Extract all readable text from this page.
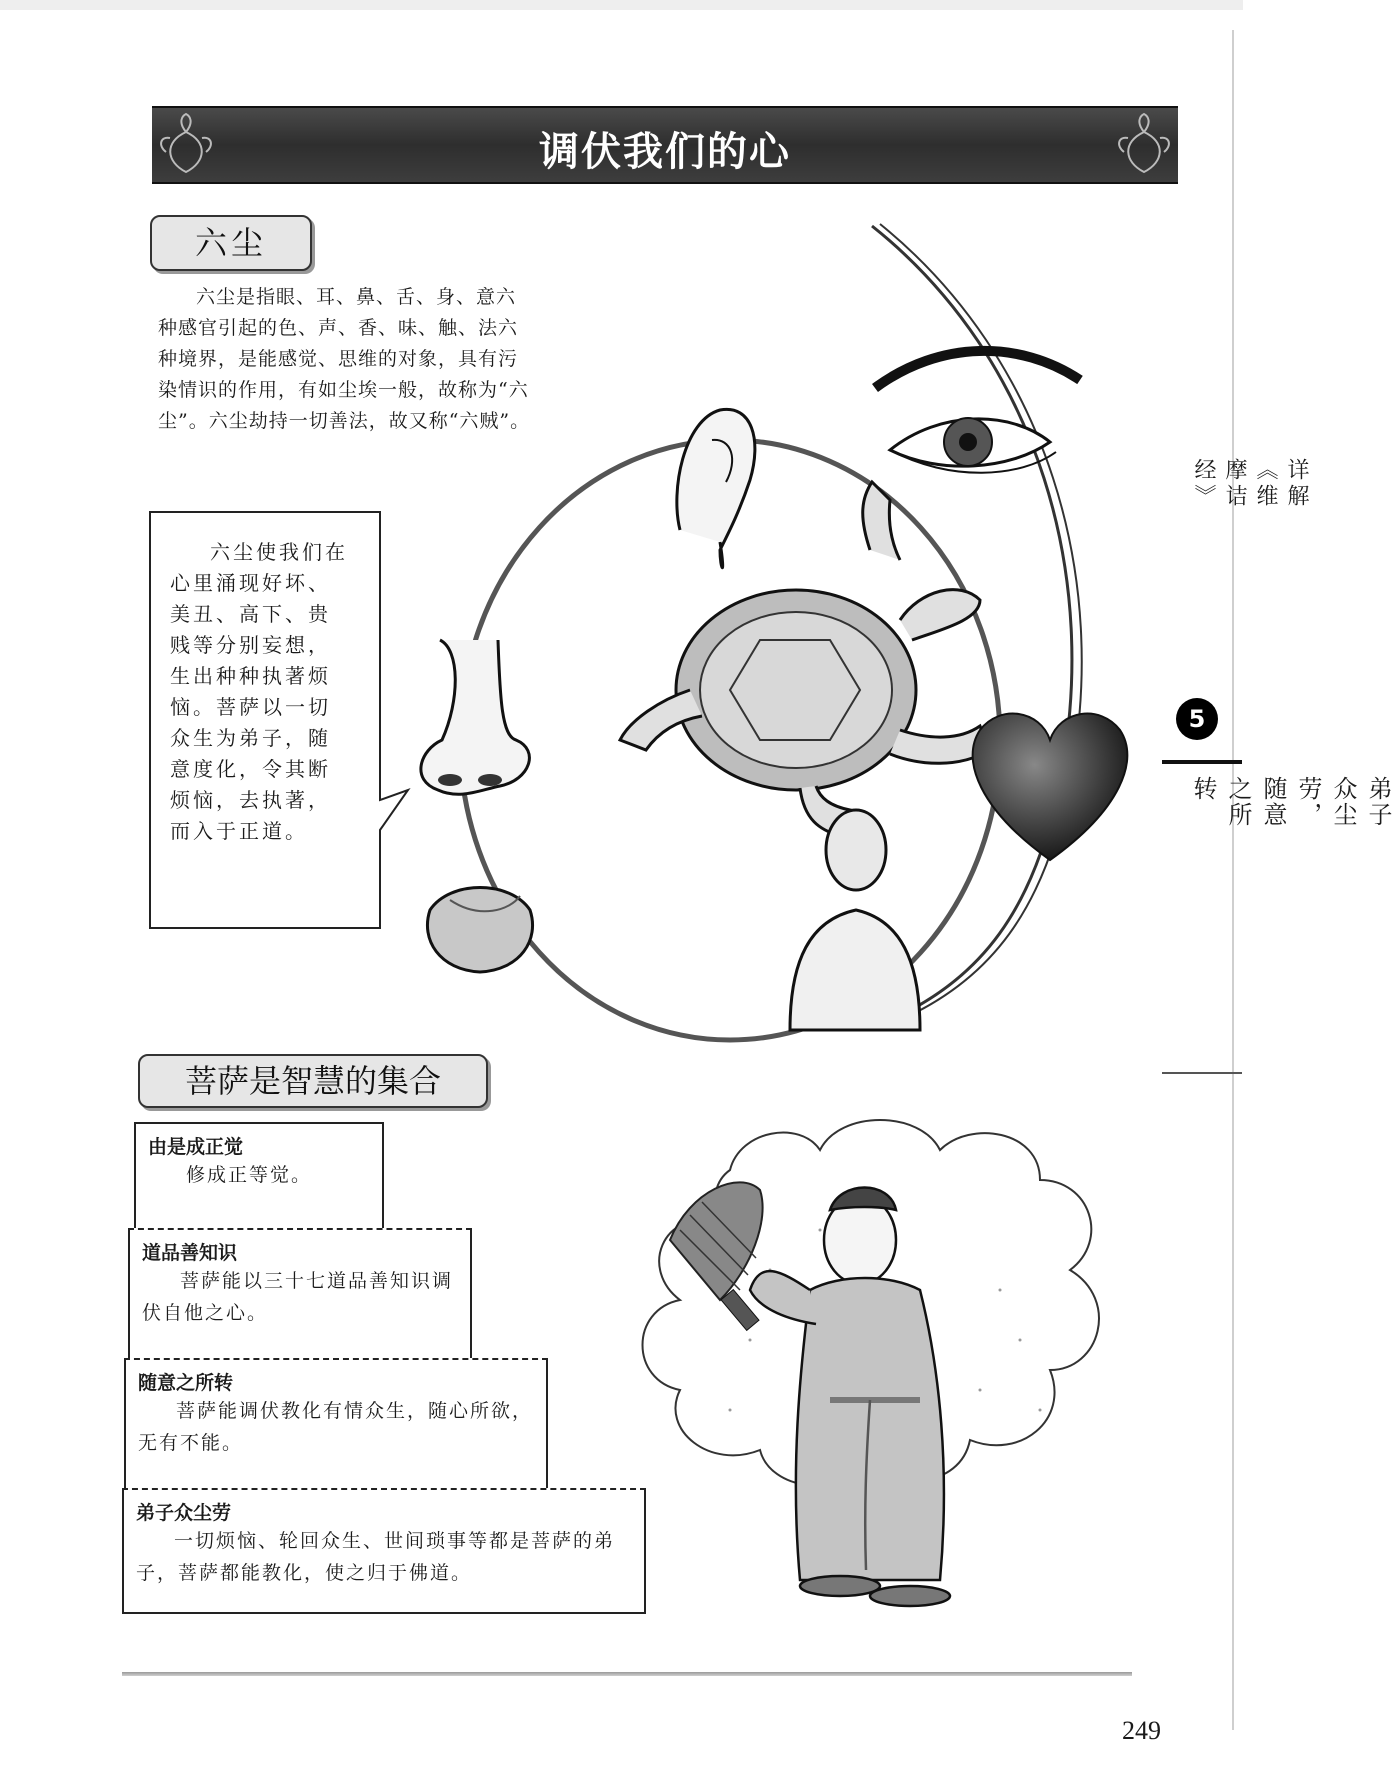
调伏我们的心
六尘
六尘是指眼、耳、鼻、舌、身、意六种感官引起的色、声、香、味、触、法六种境界，是能感觉、思维的对象，具有污染情识的作用，有如尘埃一般，故称为“六尘”。六尘劫持一切善法，故又称“六贼”。
六尘使我们在心里涌现好坏、美丑、高下、贵贱等分别妄想，生出种种执著烦恼。菩萨以一切众生为弟子，随意度化，令其断烦恼，去执著，而入于正道。
菩萨是智慧的集合
由是成正觉
修成正等觉。
道品善知识
菩萨能以三十七道品善知识调伏自他之心。
随意之所转
菩萨能调伏教化有情众生，随心所欲，无有不能。
弟子众尘劳
一切烦恼、轮回众生、世间琐事等都是菩萨的弟子，菩萨都能教化，使之归于佛道。
详解《维摩诘经》
5
弟子众尘劳，随意之所转
249
